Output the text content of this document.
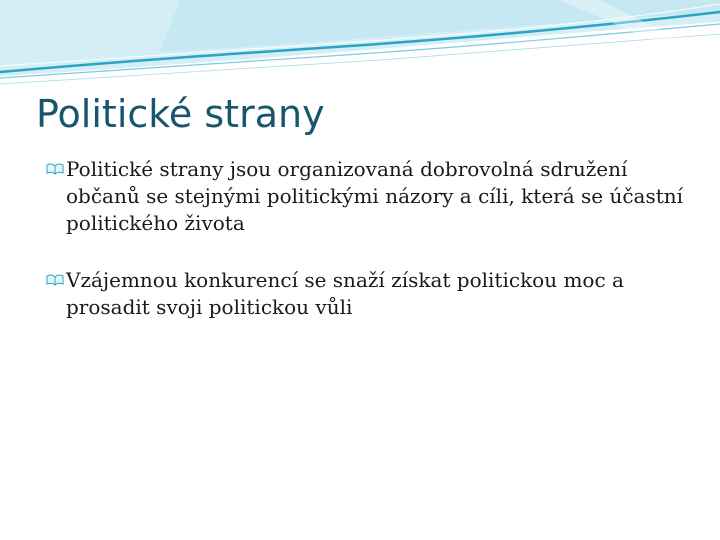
Politické strany

Politické strany jsou organizovaná dobrovolná sdružení občanů se stejnými politickými názory a cíli, která se účastní politického života

Vzájemnou konkurencí se snaží získat politickou moc a prosadit svoji politickou vůli
